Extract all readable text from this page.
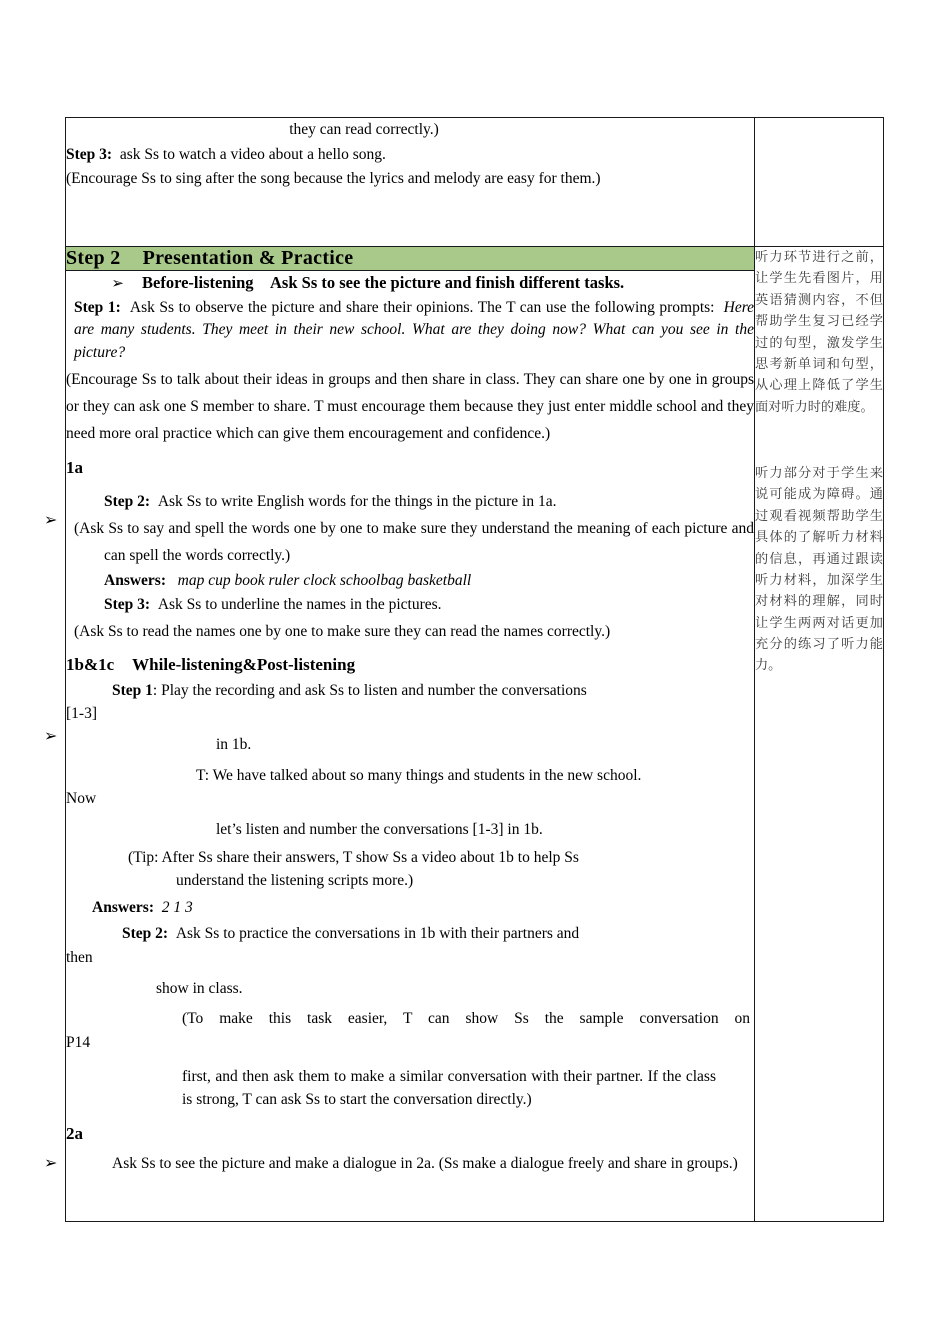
➢
➢
➢

they can read correctly.)

Step 3: ask Ss to watch a video about a hello song.

(Encourage Ss to sing after the song because the lyrics and melody are easy for them.)	

Step 2 Presentation & Practice	听力环节进行之前，让学生先看图片，用英语猜测内容，不但帮助学生复习已经学过的句型，激发学生思考新单词和句型，从心理上降低了学生面对听力时的难度。

听力部分对于学生来说可能成为障碍。通过观看视频帮助学生具体的了解听力材料的信息，再通过跟读听力材料，加深学生对材料的理解，同时让学生两两对话更加充分的练习了听力能力。

➢ Before-listening Ask Ss to see the picture and finish different tasks.

Step 1: Ask Ss to observe the picture and share their opinions. The T can use the following prompts: Here are many students. They meet in their new school. What are they doing now? What can you see in the picture?

(Encourage Ss to talk about their ideas in groups and then share in class. They can share one by one in groups or they can ask one S member to share. T must encourage them because they just enter middle school and they need more oral practice which can give them encouragement and confidence.)

1a

Step 2: Ask Ss to write English words for the things in the picture in 1a.

(Ask Ss to say and spell the words one by one to make sure they understand the meaning of each picture and can spell the words correctly.)

Answers: map cup book ruler clock schoolbag basketball

Step 3: Ask Ss to underline the names in the pictures.

(Ask Ss to read the names one by one to make sure they can read the names correctly.)

1b&1c While-listening&Post-listening

Step 1: Play the recording and ask Ss to listen and number the conversations

[1-3]

in 1b.

T: We have talked about so many things and students in the new school.

Now

let’s listen and number the conversations [1-3] in 1b.

(Tip: After Ss share their answers, T show Ss a video about 1b to help Ss

understand the listening scripts more.)

Answers: 2 1 3

Step 2: Ask Ss to practice the conversations in 1b with their partners and

then

show in class.

(To make this task easier, T can show Ss the sample conversation on

P14

first, and then ask them to make a similar conversation with their partner. If the class is strong, T can ask Ss to start the conversation directly.)

2a

Ask Ss to see the picture and make a dialogue in 2a. (Ss make a dialogue freely and share in groups.)
